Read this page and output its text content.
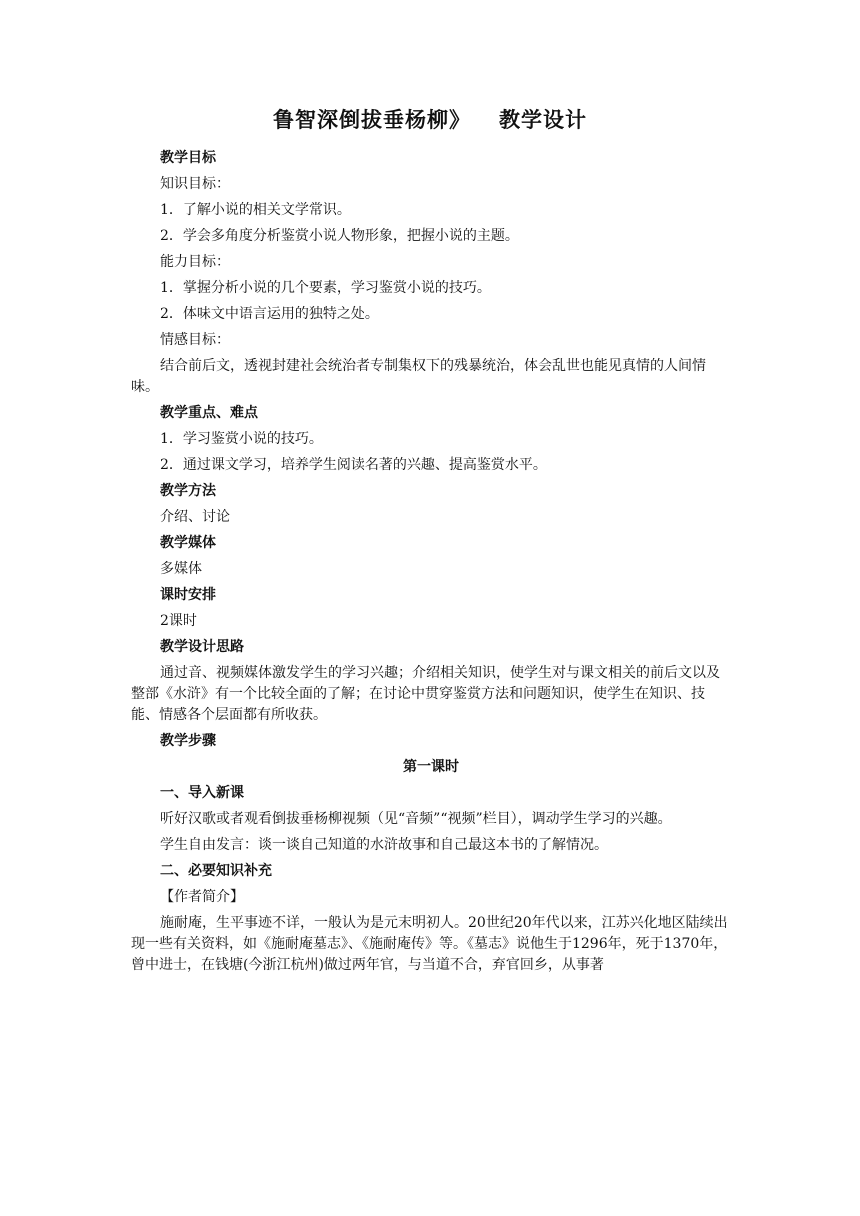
鲁智深倒拔垂杨柳》 教学设计

教学目标

知识目标：

1．了解小说的相关文学常识。

2．学会多角度分析鉴赏小说人物形象，把握小说的主题。

能力目标：

1．掌握分析小说的几个要素，学习鉴赏小说的技巧。

2．体味文中语言运用的独特之处。

情感目标：

结合前后文，透视封建社会统治者专制集权下的残暴统治，体会乱世也能见真情的人间情味。

教学重点、难点

1．学习鉴赏小说的技巧。

2．通过课文学习，培养学生阅读名著的兴趣、提高鉴赏水平。

教学方法

介绍、讨论

教学媒体

多媒体

课时安排

2课时

教学设计思路

通过音、视频媒体激发学生的学习兴趣；介绍相关知识，使学生对与课文相关的前后文以及整部《水浒》有一个比较全面的了解；在讨论中贯穿鉴赏方法和问题知识，使学生在知识、技能、情感各个层面都有所收获。

教学步骤

第一课时

一、导入新课

听好汉歌或者观看倒拔垂杨柳视频（见“音频”“视频”栏目），调动学生学习的兴趣。

学生自由发言：谈一谈自己知道的水浒故事和自己最这本书的了解情况。

二、必要知识补充

【作者简介】

施耐庵，生平事迹不详，一般认为是元末明初人。20世纪20年代以来，江苏兴化地区陆续出现一些有关资料，如《施耐庵墓志》、《施耐庵传》等。《墓志》说他生于1296年，死于1370年，曾中进士，在钱塘(今浙江杭州)做过两年官，与当道不合，弃官回乡，从事著
